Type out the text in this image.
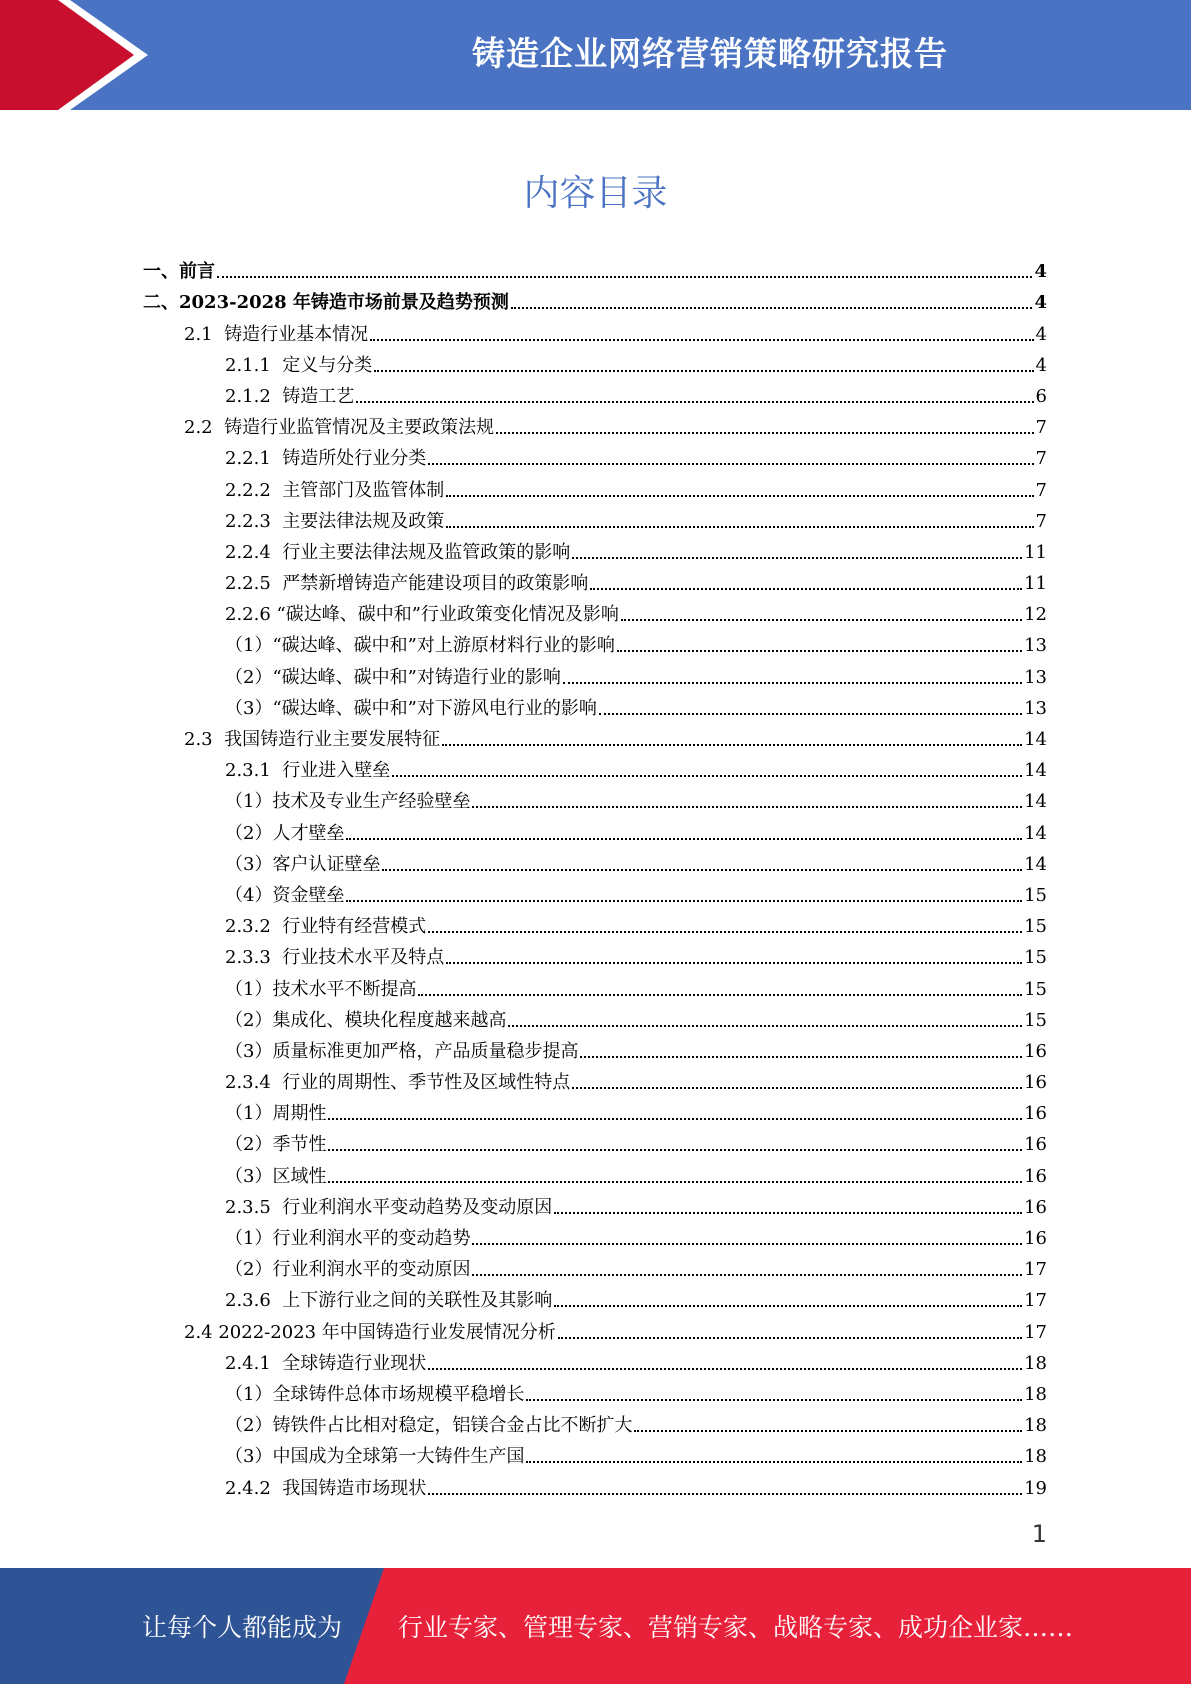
铸造企业网络营销策略研究报告
内容目录
一、前言	4
二、2023-2028 年铸造市场前景及趋势预测	4
2.1  铸造行业基本情况	4
2.1.1  定义与分类	4
2.1.2  铸造工艺	6
2.2  铸造行业监管情况及主要政策法规	7
2.2.1  铸造所处行业分类	7
2.2.2  主管部门及监管体制	7
2.2.3  主要法律法规及政策	7
2.2.4  行业主要法律法规及监管政策的影响	11
2.2.5  严禁新增铸造产能建设项目的政策影响	11
2.2.6 “碳达峰、碳中和”行业政策变化情况及影响	12
（1）“碳达峰、碳中和”对上游原材料行业的影响	13
（2）“碳达峰、碳中和”对铸造行业的影响	13
（3）“碳达峰、碳中和”对下游风电行业的影响	13
2.3  我国铸造行业主要发展特征	14
2.3.1  行业进入壁垒	14
（1）技术及专业生产经验壁垒	14
（2）人才壁垒	14
（3）客户认证壁垒	14
（4）资金壁垒	15
2.3.2  行业特有经营模式	15
2.3.3  行业技术水平及特点	15
（1）技术水平不断提高	15
（2）集成化、模块化程度越来越高	15
（3）质量标准更加严格，产品质量稳步提高	16
2.3.4  行业的周期性、季节性及区域性特点	16
（1）周期性	16
（2）季节性	16
（3）区域性	16
2.3.5  行业利润水平变动趋势及变动原因	16
（1）行业利润水平的变动趋势	16
（2）行业利润水平的变动原因	17
2.3.6  上下游行业之间的关联性及其影响	17
2.4 2022-2023 年中国铸造行业发展情况分析	17
2.4.1  全球铸造行业现状	18
（1）全球铸件总体市场规模平稳增长	18
（2）铸铁件占比相对稳定，铝镁合金占比不断扩大	18
（3）中国成为全球第一大铸件生产国	18
2.4.2  我国铸造市场现状	19
1
让每个人都能成为 行业专家、管理专家、营销专家、战略专家、成功企业家……
